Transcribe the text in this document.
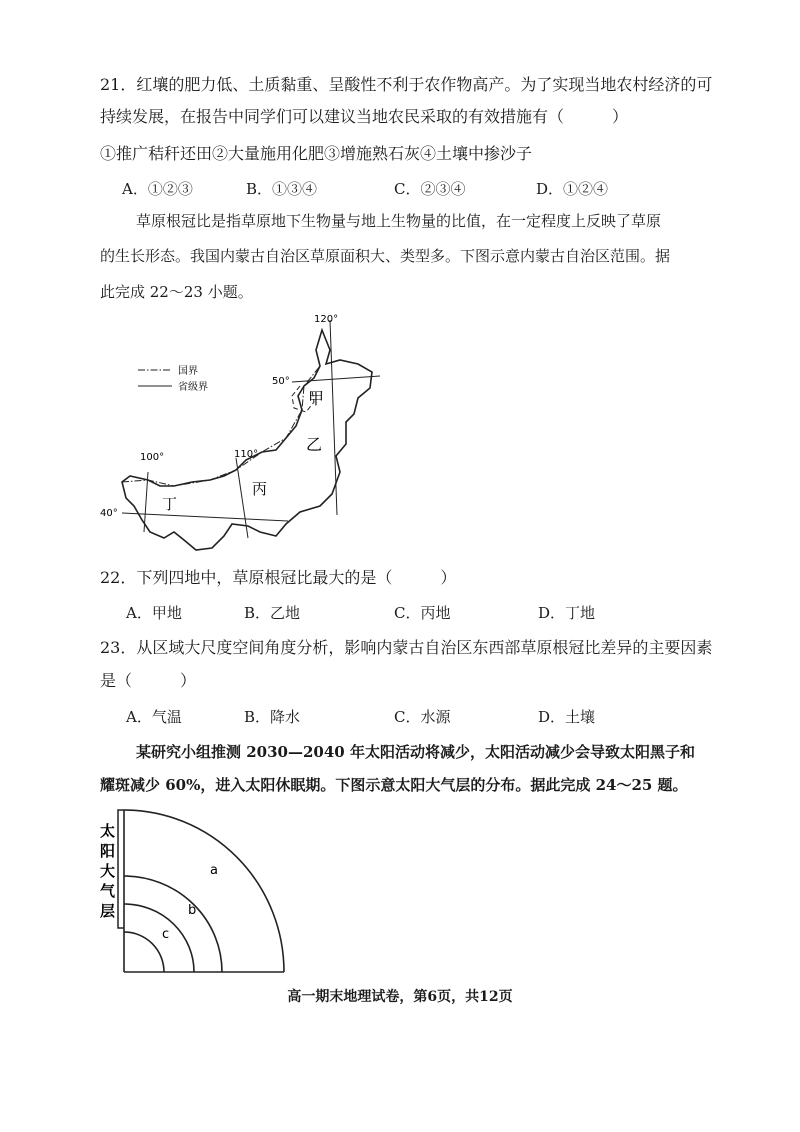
21．红壤的肥力低、土质黏重、呈酸性不利于农作物高产。为了实现当地农村经济的可
持续发展，在报告中同学们可以建议当地农民采取的有效措施有（　　　）
①推广秸秆还田②大量施用化肥③增施熟石灰④土壤中掺沙子
A．①②③	B．①③④	C．②③④	D．①②④
草原根冠比是指草原地下生物量与地上生物量的比值，在一定程度上反映了草原
的生长形态。我国内蒙古自治区草原面积大、类型多。下图示意内蒙古自治区范围。据
此完成 22～23 小题。
国界
省级界
120°
110°
100°
50°
40°
甲
乙
丙
丁
22．下列四地中，草原根冠比最大的是（　　　）
A．甲地	B．乙地	C．丙地	D．丁地
23．从区域大尺度空间角度分析，影响内蒙古自治区东西部草原根冠比差异的主要因素
是（　　　）
A．气温	B．降水	C．水源	D．土壤
某研究小组推测 2030—2040 年太阳活动将减少，太阳活动减少会导致太阳黑子和
耀斑减少 60%，进入太阳休眠期。下图示意太阳大气层的分布。据此完成 24～25 题。
a
b
c
太
阳
大
气
层
高一期末地理试卷，第6页，共12页
